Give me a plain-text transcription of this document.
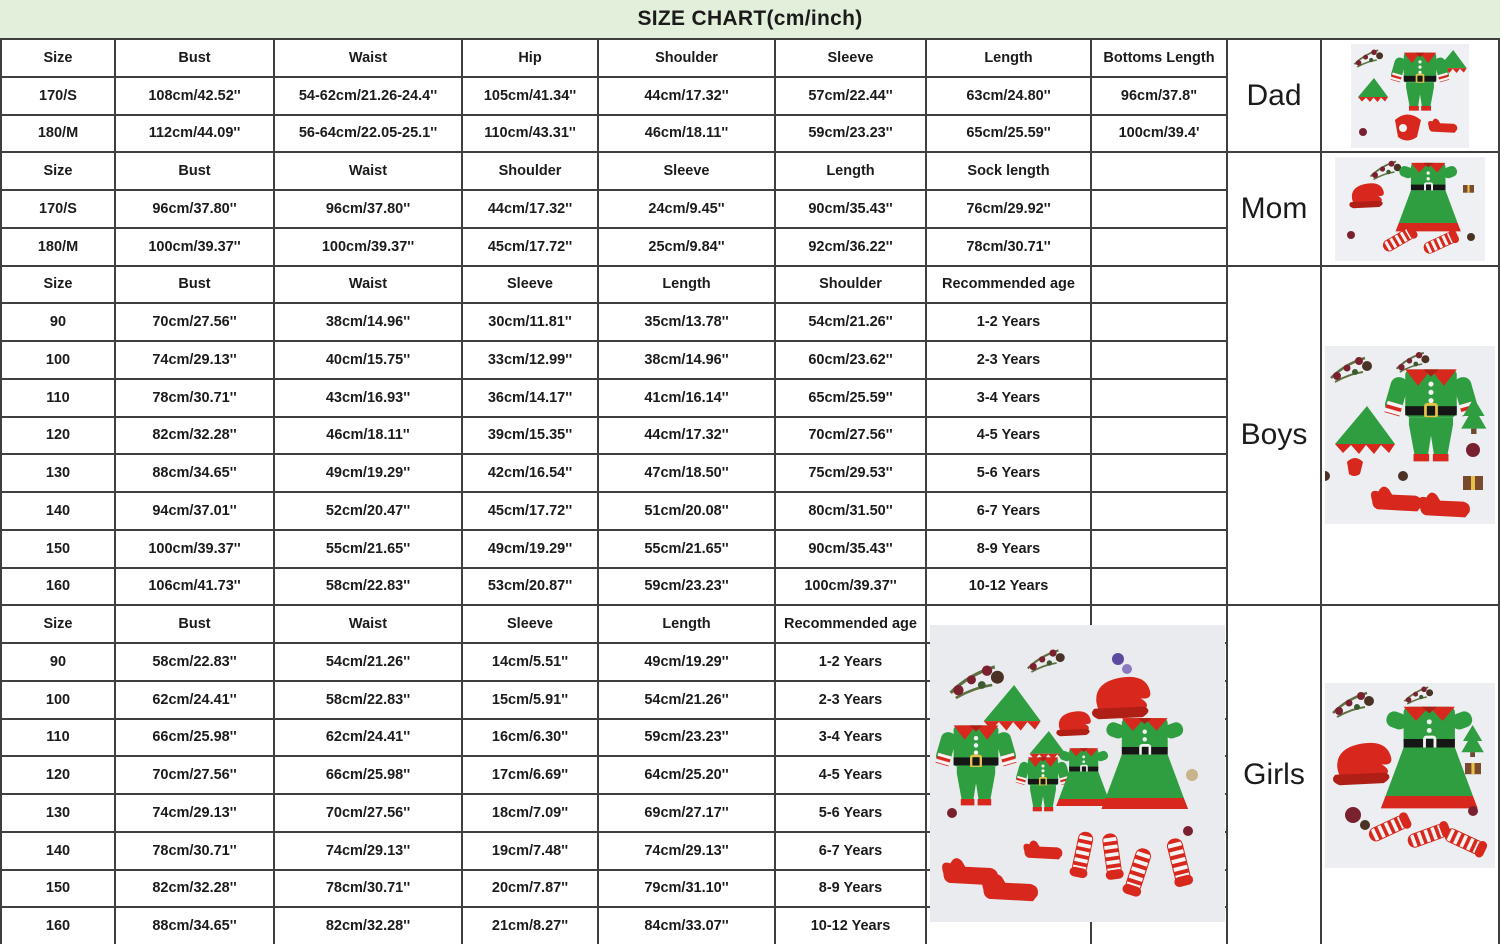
SIZE CHART(cm/inch)
Size	Bust	Waist	Hip	Shoulder	Sleeve	Length	Bottoms Length
170/S	108cm/42.52''	54-62cm/21.26-24.4''	105cm/41.34''	44cm/17.32''	57cm/22.44''	63cm/24.80''	96cm/37.8"
180/M	112cm/44.09''	56-64cm/22.05-25.1''	110cm/43.31''	46cm/18.11''	59cm/23.23''	65cm/25.59''	100cm/39.4'
Dad
Size	Bust	Waist	Shoulder	Sleeve	Length	Sock length
170/S	96cm/37.80''	96cm/37.80''	44cm/17.32''	24cm/9.45''	90cm/35.43''	76cm/29.92''
180/M	100cm/39.37''	100cm/39.37''	45cm/17.72''	25cm/9.84''	92cm/36.22''	78cm/30.71''
Mom
Size	Bust	Waist	Sleeve	Length	Shoulder	Recommended age
90	70cm/27.56''	38cm/14.96''	30cm/11.81''	35cm/13.78''	54cm/21.26''	1-2 Years
100	74cm/29.13''	40cm/15.75''	33cm/12.99''	38cm/14.96''	60cm/23.62''	2-3 Years
110	78cm/30.71''	43cm/16.93''	36cm/14.17''	41cm/16.14''	65cm/25.59''	3-4 Years
120	82cm/32.28''	46cm/18.11''	39cm/15.35''	44cm/17.32''	70cm/27.56''	4-5 Years
130	88cm/34.65''	49cm/19.29''	42cm/16.54''	47cm/18.50''	75cm/29.53''	5-6 Years
140	94cm/37.01''	52cm/20.47''	45cm/17.72''	51cm/20.08''	80cm/31.50''	6-7 Years
150	100cm/39.37''	55cm/21.65''	49cm/19.29''	55cm/21.65''	90cm/35.43''	8-9 Years
160	106cm/41.73''	58cm/22.83''	53cm/20.87''	59cm/23.23''	100cm/39.37''	10-12 Years
Boys
Size	Bust	Waist	Sleeve	Length	Recommended age
90	58cm/22.83''	54cm/21.26''	14cm/5.51''	49cm/19.29''	1-2 Years
100	62cm/24.41''	58cm/22.83''	15cm/5.91''	54cm/21.26''	2-3 Years
110	66cm/25.98''	62cm/24.41''	16cm/6.30''	59cm/23.23''	3-4 Years
120	70cm/27.56''	66cm/25.98''	17cm/6.69''	64cm/25.20''	4-5 Years
130	74cm/29.13''	70cm/27.56''	18cm/7.09''	69cm/27.17''	5-6 Years
140	78cm/30.71''	74cm/29.13''	19cm/7.48''	74cm/29.13''	6-7 Years
150	82cm/32.28''	78cm/30.71''	20cm/7.87''	79cm/31.10''	8-9 Years
160	88cm/34.65''	82cm/32.28''	21cm/8.27''	84cm/33.07''	10-12 Years
Girls
